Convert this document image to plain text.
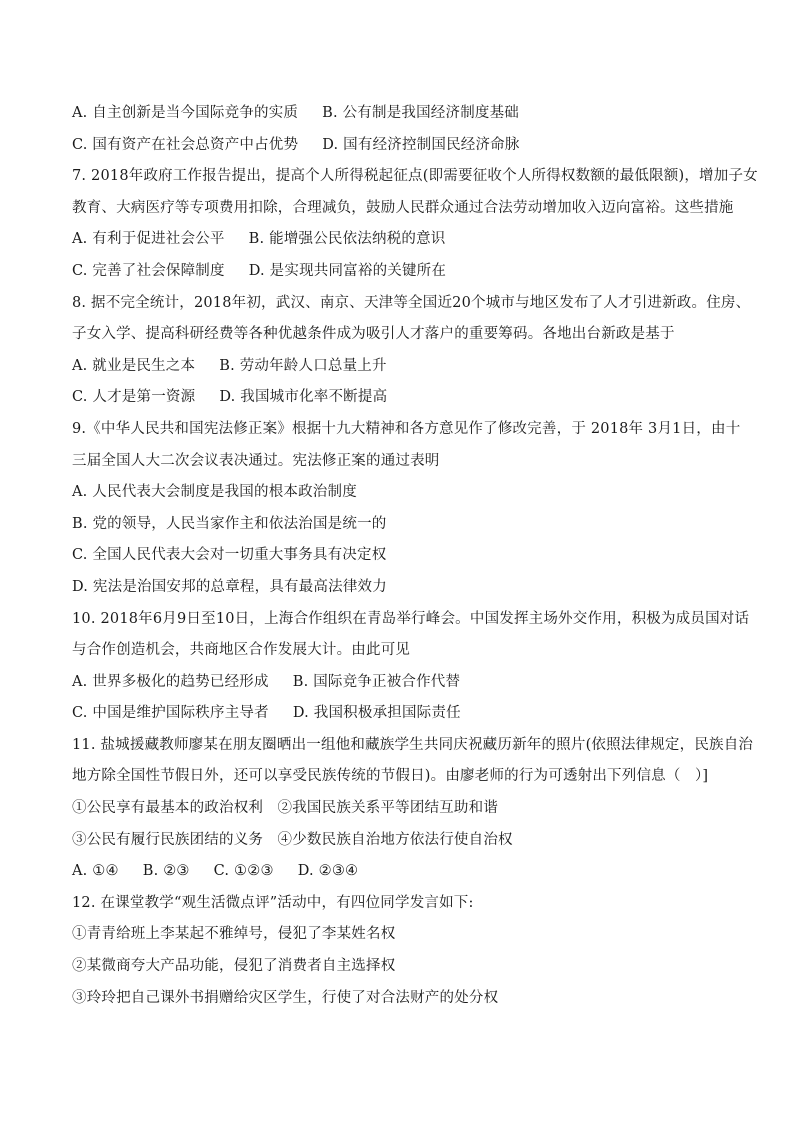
A. 自主创新是当今国际竞争的实质     B. 公有制是我国经济制度基础
C. 国有资产在社会总资产中占优势     D. 国有经济控制国民经济命脉
7. 2018年政府工作报告提出，提高个人所得税起征点(即需要征收个人所得权数额的最低限额)，增加子女
教育、大病医疗等专项费用扣除，合理减负，鼓励人民群众通过合法劳动增加收入迈向富裕。这些措施
A. 有利于促进社会公平     B. 能增强公民依法纳税的意识
C. 完善了社会保障制度     D. 是实现共同富裕的关键所在
8. 据不完全统计，2018年初，武汉、南京、天津等全国近20个城市与地区发布了人才引进新政。住房、
子女入学、提高科研经费等各种优越条件成为吸引人才落户的重要筹码。各地出台新政是基于
A. 就业是民生之本     B. 劳动年龄人口总量上升
C. 人才是第一资源     D. 我国城市化率不断提高
9.《中华人民共和国宪法修正案》根据十九大精神和各方意见作了修改完善，于 2018年 3月1日，由十
三届全国人大二次会议表决通过。宪法修正案的通过表明
A. 人民代表大会制度是我国的根本政治制度
B. 党的领导，人民当家作主和依法治国是统一的
C. 全国人民代表大会对一切重大事务具有决定权
D. 宪法是治国安邦的总章程，具有最高法律效力
10. 2018年6月9日至10日，上海合作组织在青岛举行峰会。中国发挥主场外交作用，积极为成员国对话
与合作创造机会，共商地区合作发展大计。由此可见
A. 世界多极化的趋势已经形成     B. 国际竞争正被合作代替
C. 中国是维护国际秩序主导者     D. 我国积极承担国际责任
11. 盐城援藏教师廖某在朋友圈晒出一组他和藏族学生共同庆祝藏历新年的照片(依照法律规定，民族自治
地方除全国性节假日外，还可以享受民族传统的节假日)。由廖老师的行为可透射出下列信息（   ）]
①公民享有最基本的政治权利   ②我国民族关系平等团结互助和谐
③公民有履行民族团结的义务   ④少数民族自治地方依法行使自治权
A. ①④     B. ②③     C. ①②③     D. ②③④
12. 在课堂教学“观生活微点评”活动中，有四位同学发言如下:
①青青给班上李某起不雅绰号，侵犯了李某姓名权
②某微商夸大产品功能，侵犯了消费者自主选择权
③玲玲把自己课外书捐赠给灾区学生，行使了对合法财产的处分权
